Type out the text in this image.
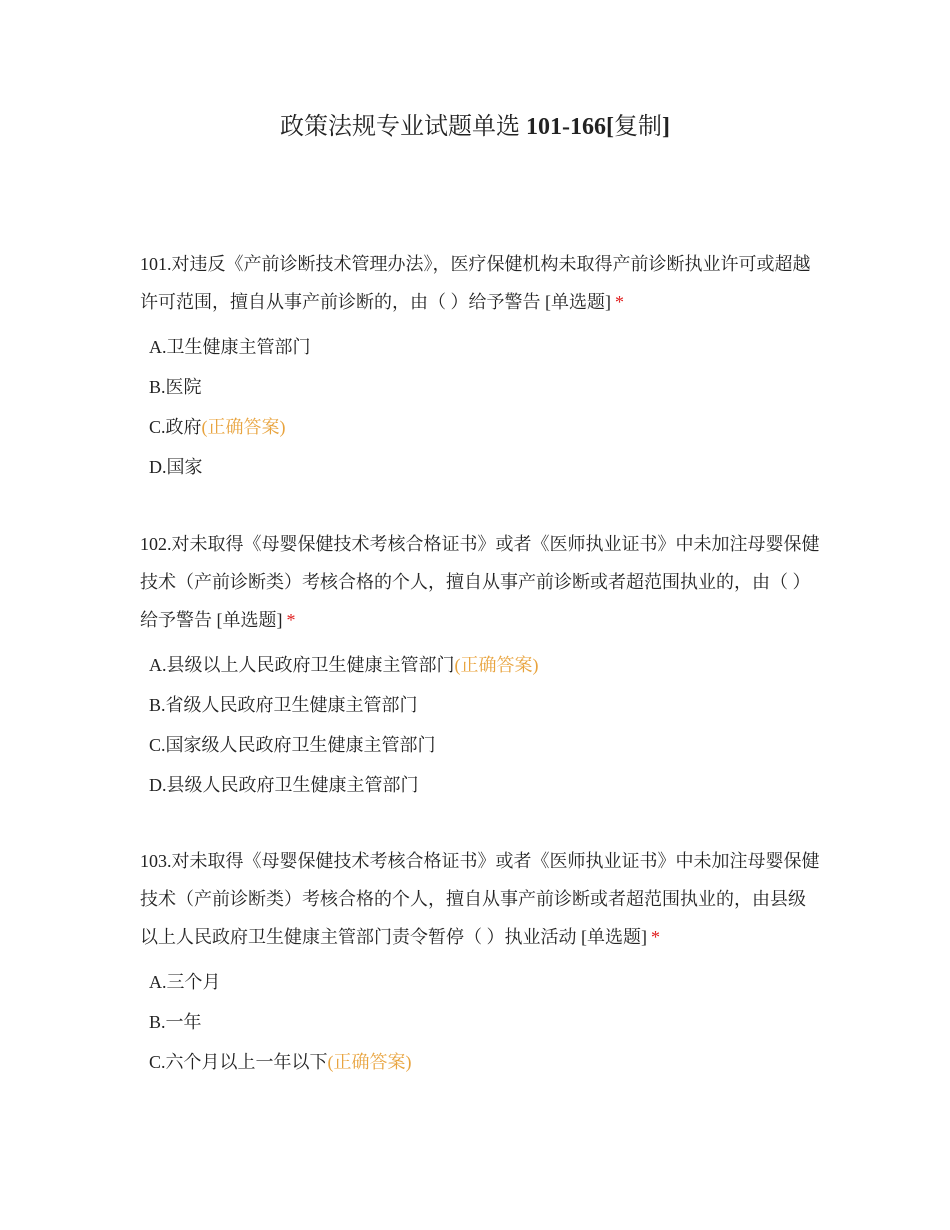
政策法规专业试题单选 101-166[复制]

101.对违反《产前诊断技术管理办法》，医疗保健机构未取得产前诊断执业许可或超越许可范围，擅自从事产前诊断的，由（ ）给予警告 [单选题] *

A.卫生健康主管部门
B.医院
C.政府(正确答案)
D.国家

102.对未取得《母婴保健技术考核合格证书》或者《医师执业证书》中未加注母婴保健技术（产前诊断类）考核合格的个人，擅自从事产前诊断或者超范围执业的，由（ ）给予警告 [单选题] *

A.县级以上人民政府卫生健康主管部门(正确答案)
B.省级人民政府卫生健康主管部门
C.国家级人民政府卫生健康主管部门
D.县级人民政府卫生健康主管部门

103.对未取得《母婴保健技术考核合格证书》或者《医师执业证书》中未加注母婴保健技术（产前诊断类）考核合格的个人，擅自从事产前诊断或者超范围执业的，由县级以上人民政府卫生健康主管部门责令暂停（ ）执业活动 [单选题] *

A.三个月
B.一年
C.六个月以上一年以下(正确答案)
